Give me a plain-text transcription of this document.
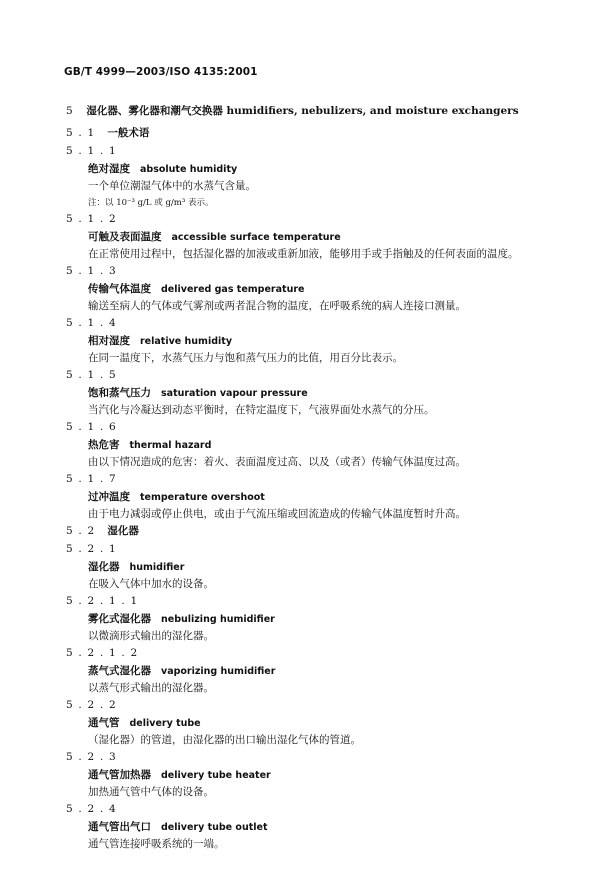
GB/T 4999—2003/ISO 4135:2001
5 湿化器、雾化器和潮气交换器 humidifiers, nebulizers, and moisture exchangers
5 . 1 一般术语
5 . 1 . 1
绝对湿度 absolute humidity
一个单位潮湿气体中的水蒸气含量。
注：以 10⁻³ g/L 或 g/m³ 表示。
5 . 1 . 2
可触及表面温度 accessible surface temperature
在正常使用过程中，包括湿化器的加液或重新加液，能够用手或手指触及的任何表面的温度。
5 . 1 . 3
传输气体温度 delivered gas temperature
输送至病人的气体或气雾剂或两者混合物的温度，在呼吸系统的病人连接口测量。
5 . 1 . 4
相对湿度 relative humidity
在同一温度下，水蒸气压力与饱和蒸气压力的比值，用百分比表示。
5 . 1 . 5
饱和蒸气压力 saturation vapour pressure
当汽化与冷凝达到动态平衡时，在特定温度下，气液界面处水蒸气的分压。
5 . 1 . 6
热危害 thermal hazard
由以下情况造成的危害：着火、表面温度过高、以及（或者）传输气体温度过高。
5 . 1 . 7
过冲温度 temperature overshoot
由于电力减弱或停止供电，或由于气流压缩或回流造成的传输气体温度暂时升高。
5 . 2 湿化器
5 . 2 . 1
湿化器 humidifier
在吸入气体中加水的设备。
5 . 2 . 1 . 1
雾化式湿化器 nebulizing humidifier
以微滴形式输出的湿化器。
5 . 2 . 1 . 2
蒸气式湿化器 vaporizing humidifier
以蒸气形式输出的湿化器。
5 . 2 . 2
通气管 delivery tube
（湿化器）的管道，由湿化器的出口输出湿化气体的管道。
5 . 2 . 3
通气管加热器 delivery tube heater
加热通气管中气体的设备。
5 . 2 . 4
通气管出气口 delivery tube outlet
通气管连接呼吸系统的一端。
